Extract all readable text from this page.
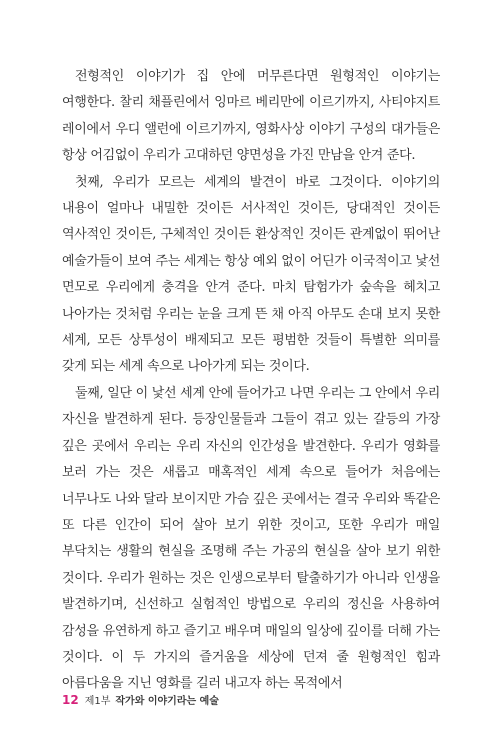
전형적인 이야기가 집 안에 머무른다면 원형적인 이야기는 여행한다. 찰리 채플린에서 잉마르 베리만에 이르기까지, 사티야지트 레이에서 우디 앨런에 이르기까지, 영화사상 이야기 구성의 대가들은 항상 어김없이 우리가 고대하던 양면성을 가진 만남을 안겨 준다.

첫째, 우리가 모르는 세계의 발견이 바로 그것이다. 이야기의 내용이 얼마나 내밀한 것이든 서사적인 것이든, 당대적인 것이든 역사적인 것이든, 구체적인 것이든 환상적인 것이든 관계없이 뛰어난 예술가들이 보여 주는 세계는 항상 예외 없이 어딘가 이국적이고 낯선 면모로 우리에게 충격을 안겨 준다. 마치 탐험가가 숲속을 헤치고 나아가는 것처럼 우리는 눈을 크게 뜬 채 아직 아무도 손대 보지 못한 세계, 모든 상투성이 배제되고 모든 평범한 것들이 특별한 의미를 갖게 되는 세계 속으로 나아가게 되는 것이다.

둘째, 일단 이 낯선 세계 안에 들어가고 나면 우리는 그 안에서 우리 자신을 발견하게 된다. 등장인물들과 그들이 겪고 있는 갈등의 가장 깊은 곳에서 우리는 우리 자신의 인간성을 발견한다. 우리가 영화를 보러 가는 것은 새롭고 매혹적인 세계 속으로 들어가 처음에는 너무나도 나와 달라 보이지만 가슴 깊은 곳에서는 결국 우리와 똑같은 또 다른 인간이 되어 살아 보기 위한 것이고, 또한 우리가 매일 부닥치는 생활의 현실을 조명해 주는 가공의 현실을 살아 보기 위한 것이다. 우리가 원하는 것은 인생으로부터 탈출하기가 아니라 인생을 발견하기며, 신선하고 실험적인 방법으로 우리의 정신을 사용하여 감성을 유연하게 하고 즐기고 배우며 매일의 일상에 깊이를 더해 가는 것이다. 이 두 가지의 즐거움을 세상에 던져 줄 원형적인 힘과 아름다움을 지닌 영화를 길러 내고자 하는 목적에서

12 제1부 작가와 이야기라는 예술
